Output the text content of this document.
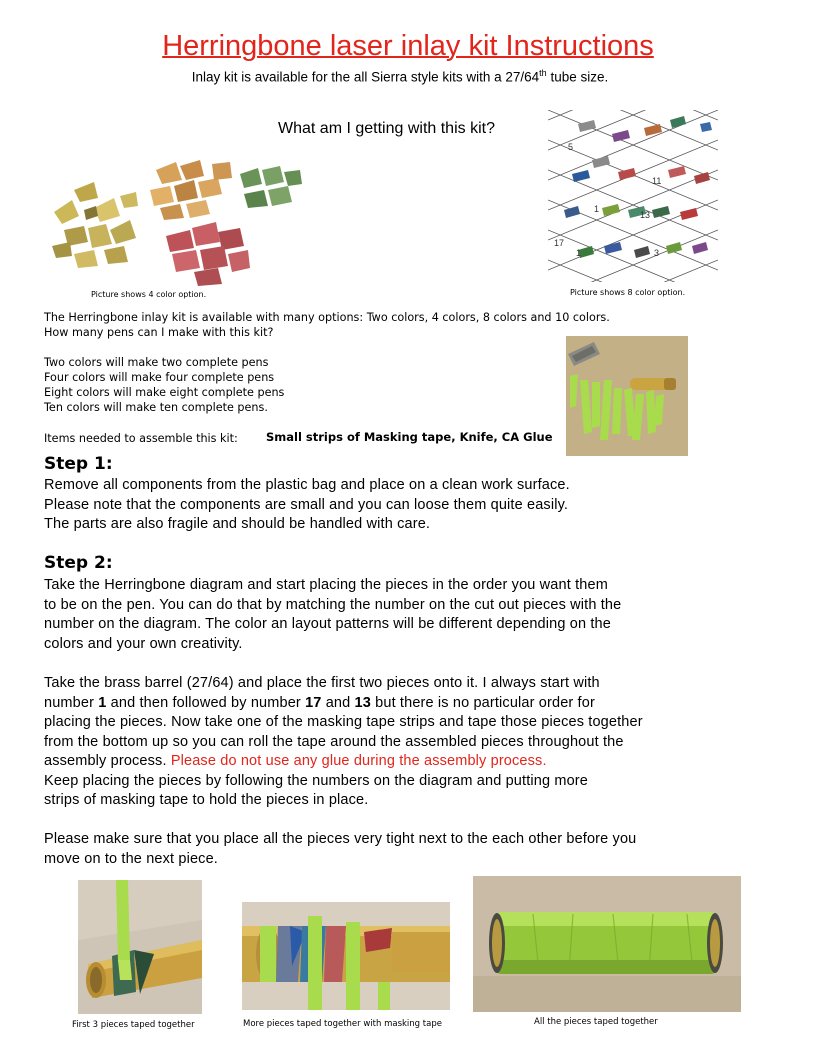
Herringbone laser inlay kit Instructions
Inlay kit is available for the all Sierra style kits with a 27/64th tube size.
What am I getting with this kit?
Picture shows 4 color option.
5
11
1
13
17
1	3
Picture shows 8 color option.
The Herringbone inlay kit is available with many options: Two colors, 4 colors, 8 colors and 10 colors.
How many pens can I make with this kit?
Two colors will make two complete pens
Four colors will make four complete pens
Eight colors will make eight complete pens
Ten colors will make ten complete pens.
Items needed to assemble this kit: Small strips of Masking tape, Knife, CA Glue
Step 1:
Remove all components from the plastic bag and place on a clean work surface.
Please note that the components are small and you can loose them quite easily.
The parts are also fragile and should be handled with care.
Step 2:
Take the Herringbone diagram and start placing the pieces in the order you want them
to be on the pen. You can do that by matching the number on the cut out pieces with the
number on the diagram. The color an layout patterns will be different depending on the
colors and your own creativity.
Take the brass barrel (27/64) and place the first two pieces onto it. I always start with
number 1 and then followed by number 17 and 13 but there is no particular order for
placing the pieces. Now take one of the masking tape strips and tape those pieces together
from the bottom up so you can roll the tape around the assembled pieces throughout the
assembly process. Please do not use any glue during the assembly process.
Keep placing the pieces by following the numbers on the diagram and putting more
strips of masking tape to hold the pieces in place.
Please make sure that you place all the pieces very tight next to the each other before you
move on to the next piece.
First 3 pieces taped together	More pieces taped together with masking tape	All the pieces taped together
